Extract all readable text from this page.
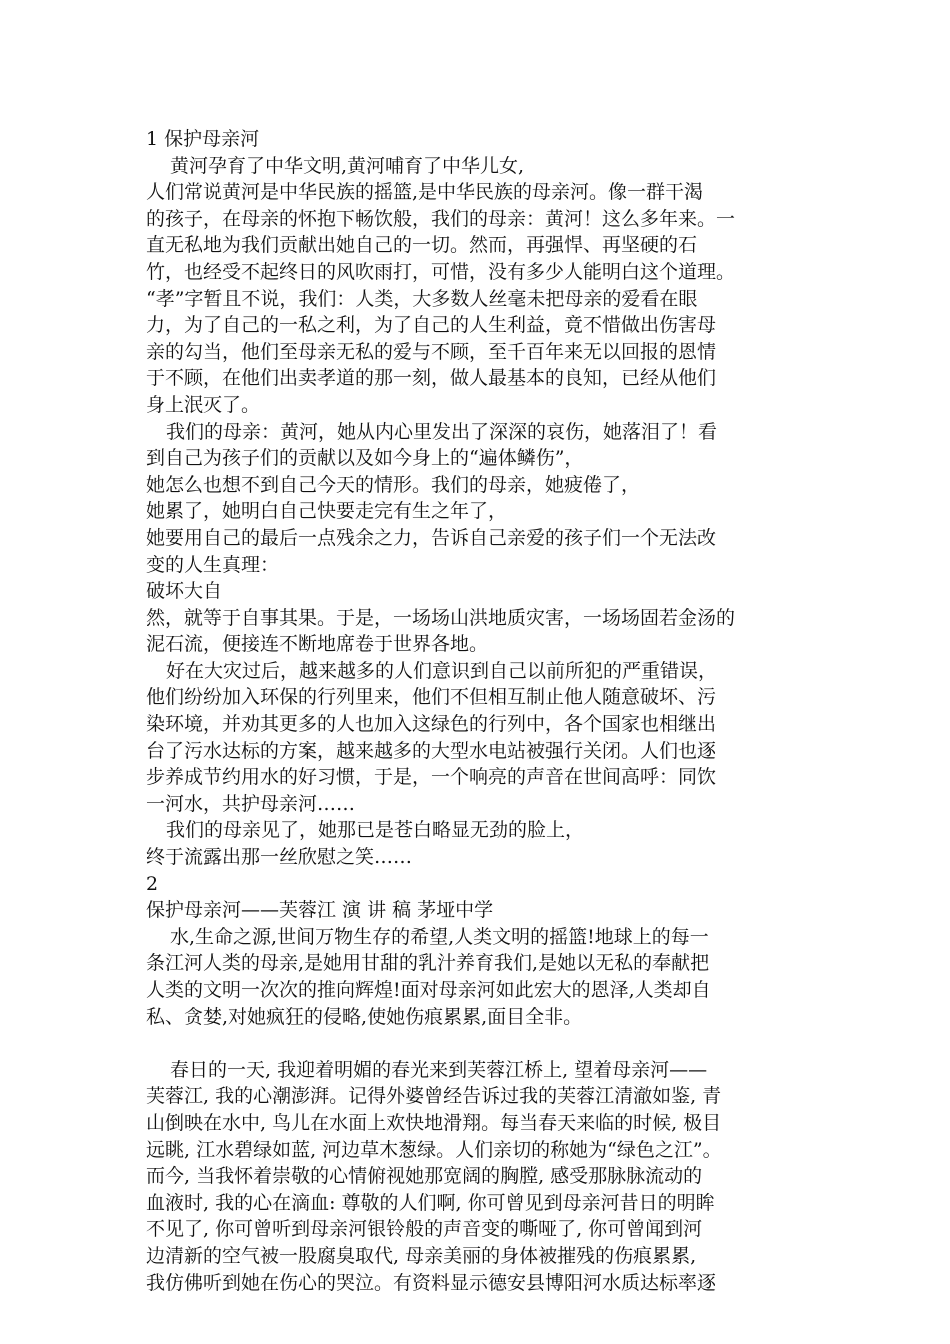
1 保护母亲河
黄河孕育了中华文明,黄河哺育了中华儿女,
人们常说黄河是中华民族的摇篮,是中华民族的母亲河。像一群干渴
的孩子，在母亲的怀抱下畅饮般，我们的母亲：黄河！这么多年来。一
直无私地为我们贡献出她自己的一切。然而，再强悍、再坚硬的石
竹，也经受不起终日的风吹雨打，可惜，没有多少人能明白这个道理。
“孝”字暂且不说，我们：人类，大多数人丝毫未把母亲的爱看在眼
力，为了自己的一私之利，为了自己的人生利益，竟不惜做出伤害母
亲的勾当，他们至母亲无私的爱与不顾，至千百年来无以回报的恩情
于不顾，在他们出卖孝道的那一刻，做人最基本的良知，已经从他们
身上泯灭了。
我们的母亲：黄河，她从内心里发出了深深的哀伤，她落泪了！看
到自己为孩子们的贡献以及如今身上的“遍体鳞伤”，
她怎么也想不到自己今天的情形。我们的母亲，她疲倦了，
她累了，她明白自己快要走完有生之年了，
她要用自己的最后一点残余之力，告诉自己亲爱的孩子们一个无法改
变的人生真理：
破坏大自
然，就等于自事其果。于是，一场场山洪地质灾害，一场场固若金汤的
泥石流，便接连不断地席卷于世界各地。
好在大灾过后，越来越多的人们意识到自己以前所犯的严重错误，
他们纷纷加入环保的行列里来，他们不但相互制止他人随意破坏、污
染环境，并劝其更多的人也加入这绿色的行列中，各个国家也相继出
台了污水达标的方案，越来越多的大型水电站被强行关闭。人们也逐
步养成节约用水的好习惯，于是，一个响亮的声音在世间高呼：同饮
一河水，共护母亲河……
我们的母亲见了，她那已是苍白略显无劲的脸上，
终于流露出那一丝欣慰之笑……
2
保护母亲河——芙蓉江 演 讲 稿 茅垭中学
水,生命之源,世间万物生存的希望,人类文明的摇篮!地球上的每一
条江河人类的母亲,是她用甘甜的乳汁养育我们,是她以无私的奉献把
人类的文明一次次的推向辉煌!面对母亲河如此宏大的恩泽,人类却自
私、贪婪,对她疯狂的侵略,使她伤痕累累,面目全非。
春日的一天, 我迎着明媚的春光来到芙蓉江桥上, 望着母亲河——
芙蓉江, 我的心潮澎湃。记得外婆曾经告诉过我的芙蓉江清澈如鉴, 青
山倒映在水中, 鸟儿在水面上欢快地滑翔。每当春天来临的时候, 极目
远眺, 江水碧绿如蓝, 河边草木葱绿。人们亲切的称她为“绿色之江”。
而今, 当我怀着崇敬的心情俯视她那宽阔的胸膛, 感受那脉脉流动的
血液时, 我的心在滴血: 尊敬的人们啊, 你可曾见到母亲河昔日的明眸
不见了, 你可曾听到母亲河银铃般的声音变的嘶哑了, 你可曾闻到河
边清新的空气被一股腐臭取代, 母亲美丽的身体被摧残的伤痕累累,
我仿佛听到她在伤心的哭泣。有资料显示德安县博阳河水质达标率逐
